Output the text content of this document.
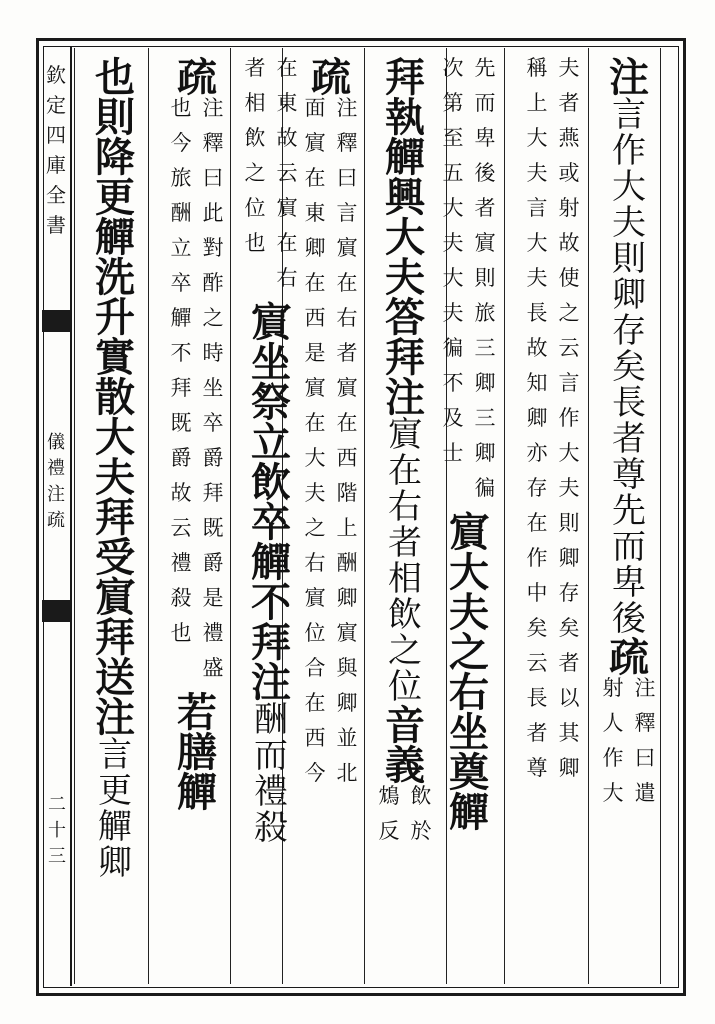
欽
定
四
庫
全
書
儀
禮
注
疏
二十三
注
言
作
大
夫
則
卿
存
矣
長
者
尊
先
而
卑
後
疏
注
釋
曰
遣
射
人
作
大
夫
者
燕
或
射
故
使
之
云
言
作
大
夫
則
卿
存
矣
者
以
其
卿
稱
上
大
夫
言
大
夫
長
故
知
卿
亦
存
在
作
中
矣
云
長
者
尊
先
而
卑
後
者
賔
則
旅
三
卿
三
卿
徧
次
第
至
五
大
夫
大
夫
徧
不
及
士
賔
大
夫
之
右
坐
奠
觶
拜
執
觶
興
大
夫
答
拜
注
賔
在
右
者
相
飲
之
位
音
義
飲
於
鴆
反
疏
注
釋
曰
言
賔
在
右
者
賔
在
西
階
上
酬
卿
賔
與
卿
並
北
面
賔
在
東
卿
在
西
是
賔
在
大
夫
之
右
賔
位
合
在
西
今
在
東
故
云
賔
在
右
者
相
飲
之
位
也
賔
坐
祭
立
飲
卒
觶
不
拜
注
酬
而
禮
殺
疏
注
釋
曰
此
對
酢
之
時
坐
卒
爵
拜
既
爵
是
禮
盛
也
今
旅
酬
立
卒
觶
不
拜
既
爵
故
云
禮
殺
也
若
膳
觶
也
則
降
更
觶
洗
升
實
散
大
夫
拜
受
賔
拜
送
注
言
更
觶
卿
